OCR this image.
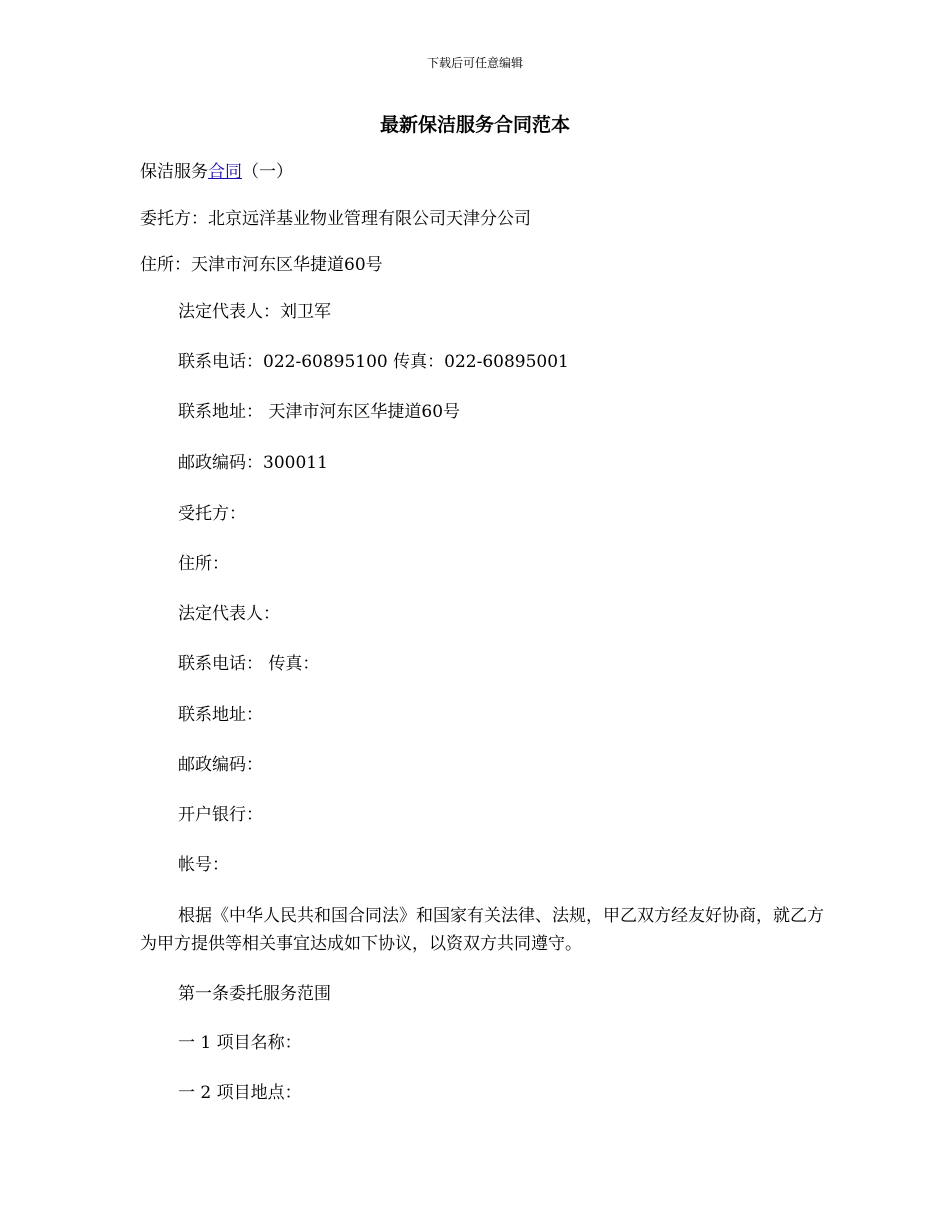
下载后可任意编辑
最新保洁服务合同范本
保洁服务合同（一）
委托方：北京远洋基业物业管理有限公司天津分公司
住所：天津市河东区华捷道60号
法定代表人：刘卫军
联系电话：022-60895100 传真：022-60895001
联系地址： 天津市河东区华捷道60号
邮政编码：300011
受托方：
住所：
法定代表人：
联系电话： 传真：
联系地址：
邮政编码：
开户银行：
帐号：
根据《中华人民共和国合同法》和国家有关法律、法规，甲乙双方经友好协商，就乙方为甲方提供等相关事宜达成如下协议，以资双方共同遵守。
第一条委托服务范围
一 1 项目名称：
一 2 项目地点：
